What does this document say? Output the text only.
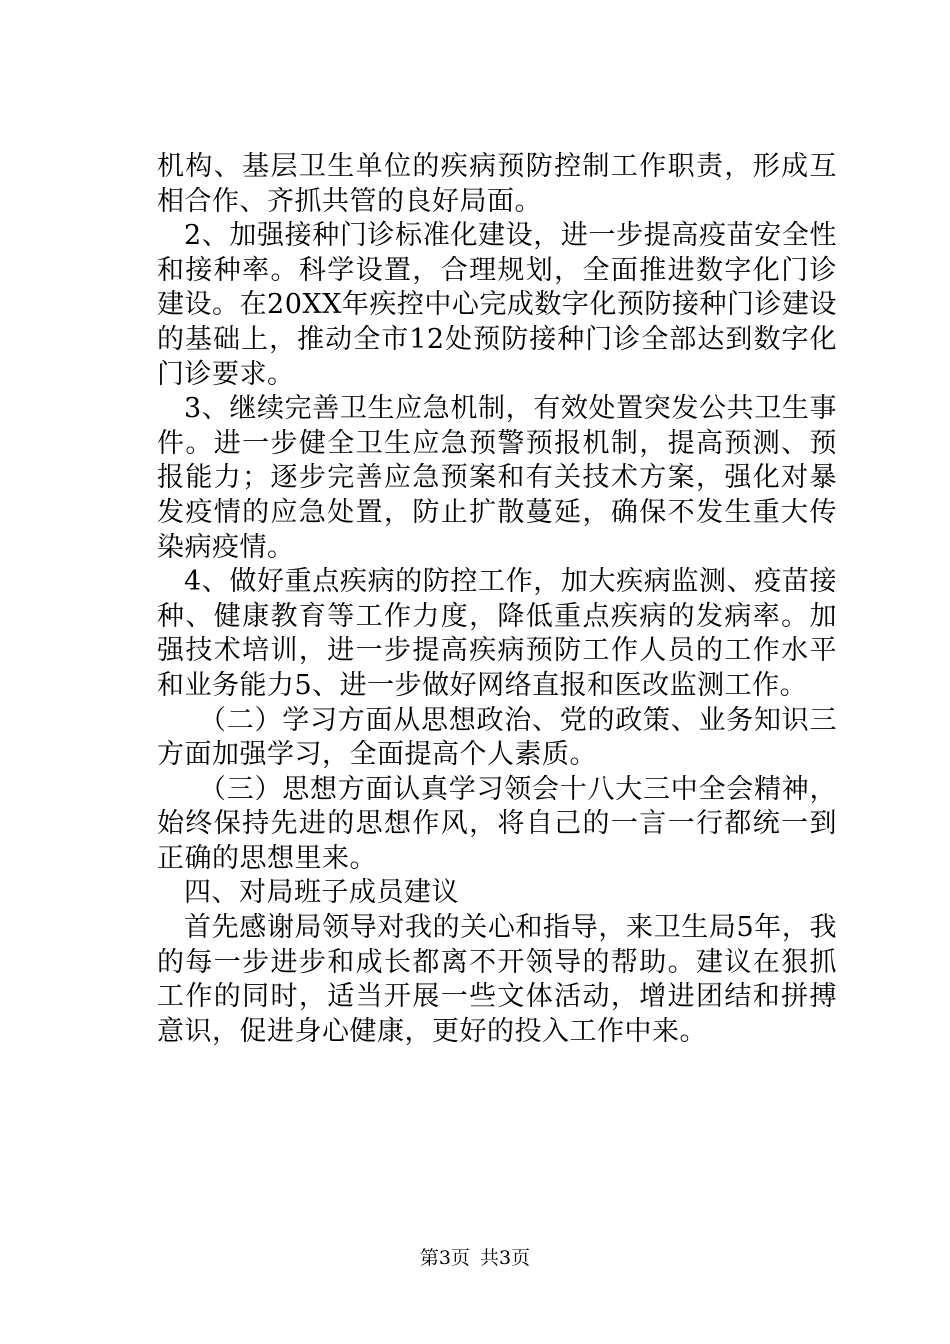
机构、基层卫生单位的疾病预防控制工作职责，形成互相合作、齐抓共管的良好局面。

2、加强接种门诊标准化建设，进一步提高疫苗安全性和接种率。科学设置，合理规划，全面推进数字化门诊建设。在20XX年疾控中心完成数字化预防接种门诊建设的基础上，推动全市12处预防接种门诊全部达到数字化门诊要求。

3、继续完善卫生应急机制，有效处置突发公共卫生事件。进一步健全卫生应急预警预报机制，提高预测、预报能力；逐步完善应急预案和有关技术方案，强化对暴发疫情的应急处置，防止扩散蔓延，确保不发生重大传染病疫情。

4、做好重点疾病的防控工作，加大疾病监测、疫苗接种、健康教育等工作力度，降低重点疾病的发病率。加强技术培训，进一步提高疾病预防工作人员的工作水平和业务能力5、进一步做好网络直报和医改监测工作。

（二）学习方面从思想政治、党的政策、业务知识三方面加强学习，全面提高个人素质。

（三）思想方面认真学习领会十八大三中全会精神，始终保持先进的思想作风，将自己的一言一行都统一到正确的思想里来。

四、对局班子成员建议

首先感谢局领导对我的关心和指导，来卫生局5年，我的每一步进步和成长都离不开领导的帮助。建议在狠抓工作的同时，适当开展一些文体活动，增进团结和拼搏意识，促进身心健康，更好的投入工作中来。

第3页 共3页
